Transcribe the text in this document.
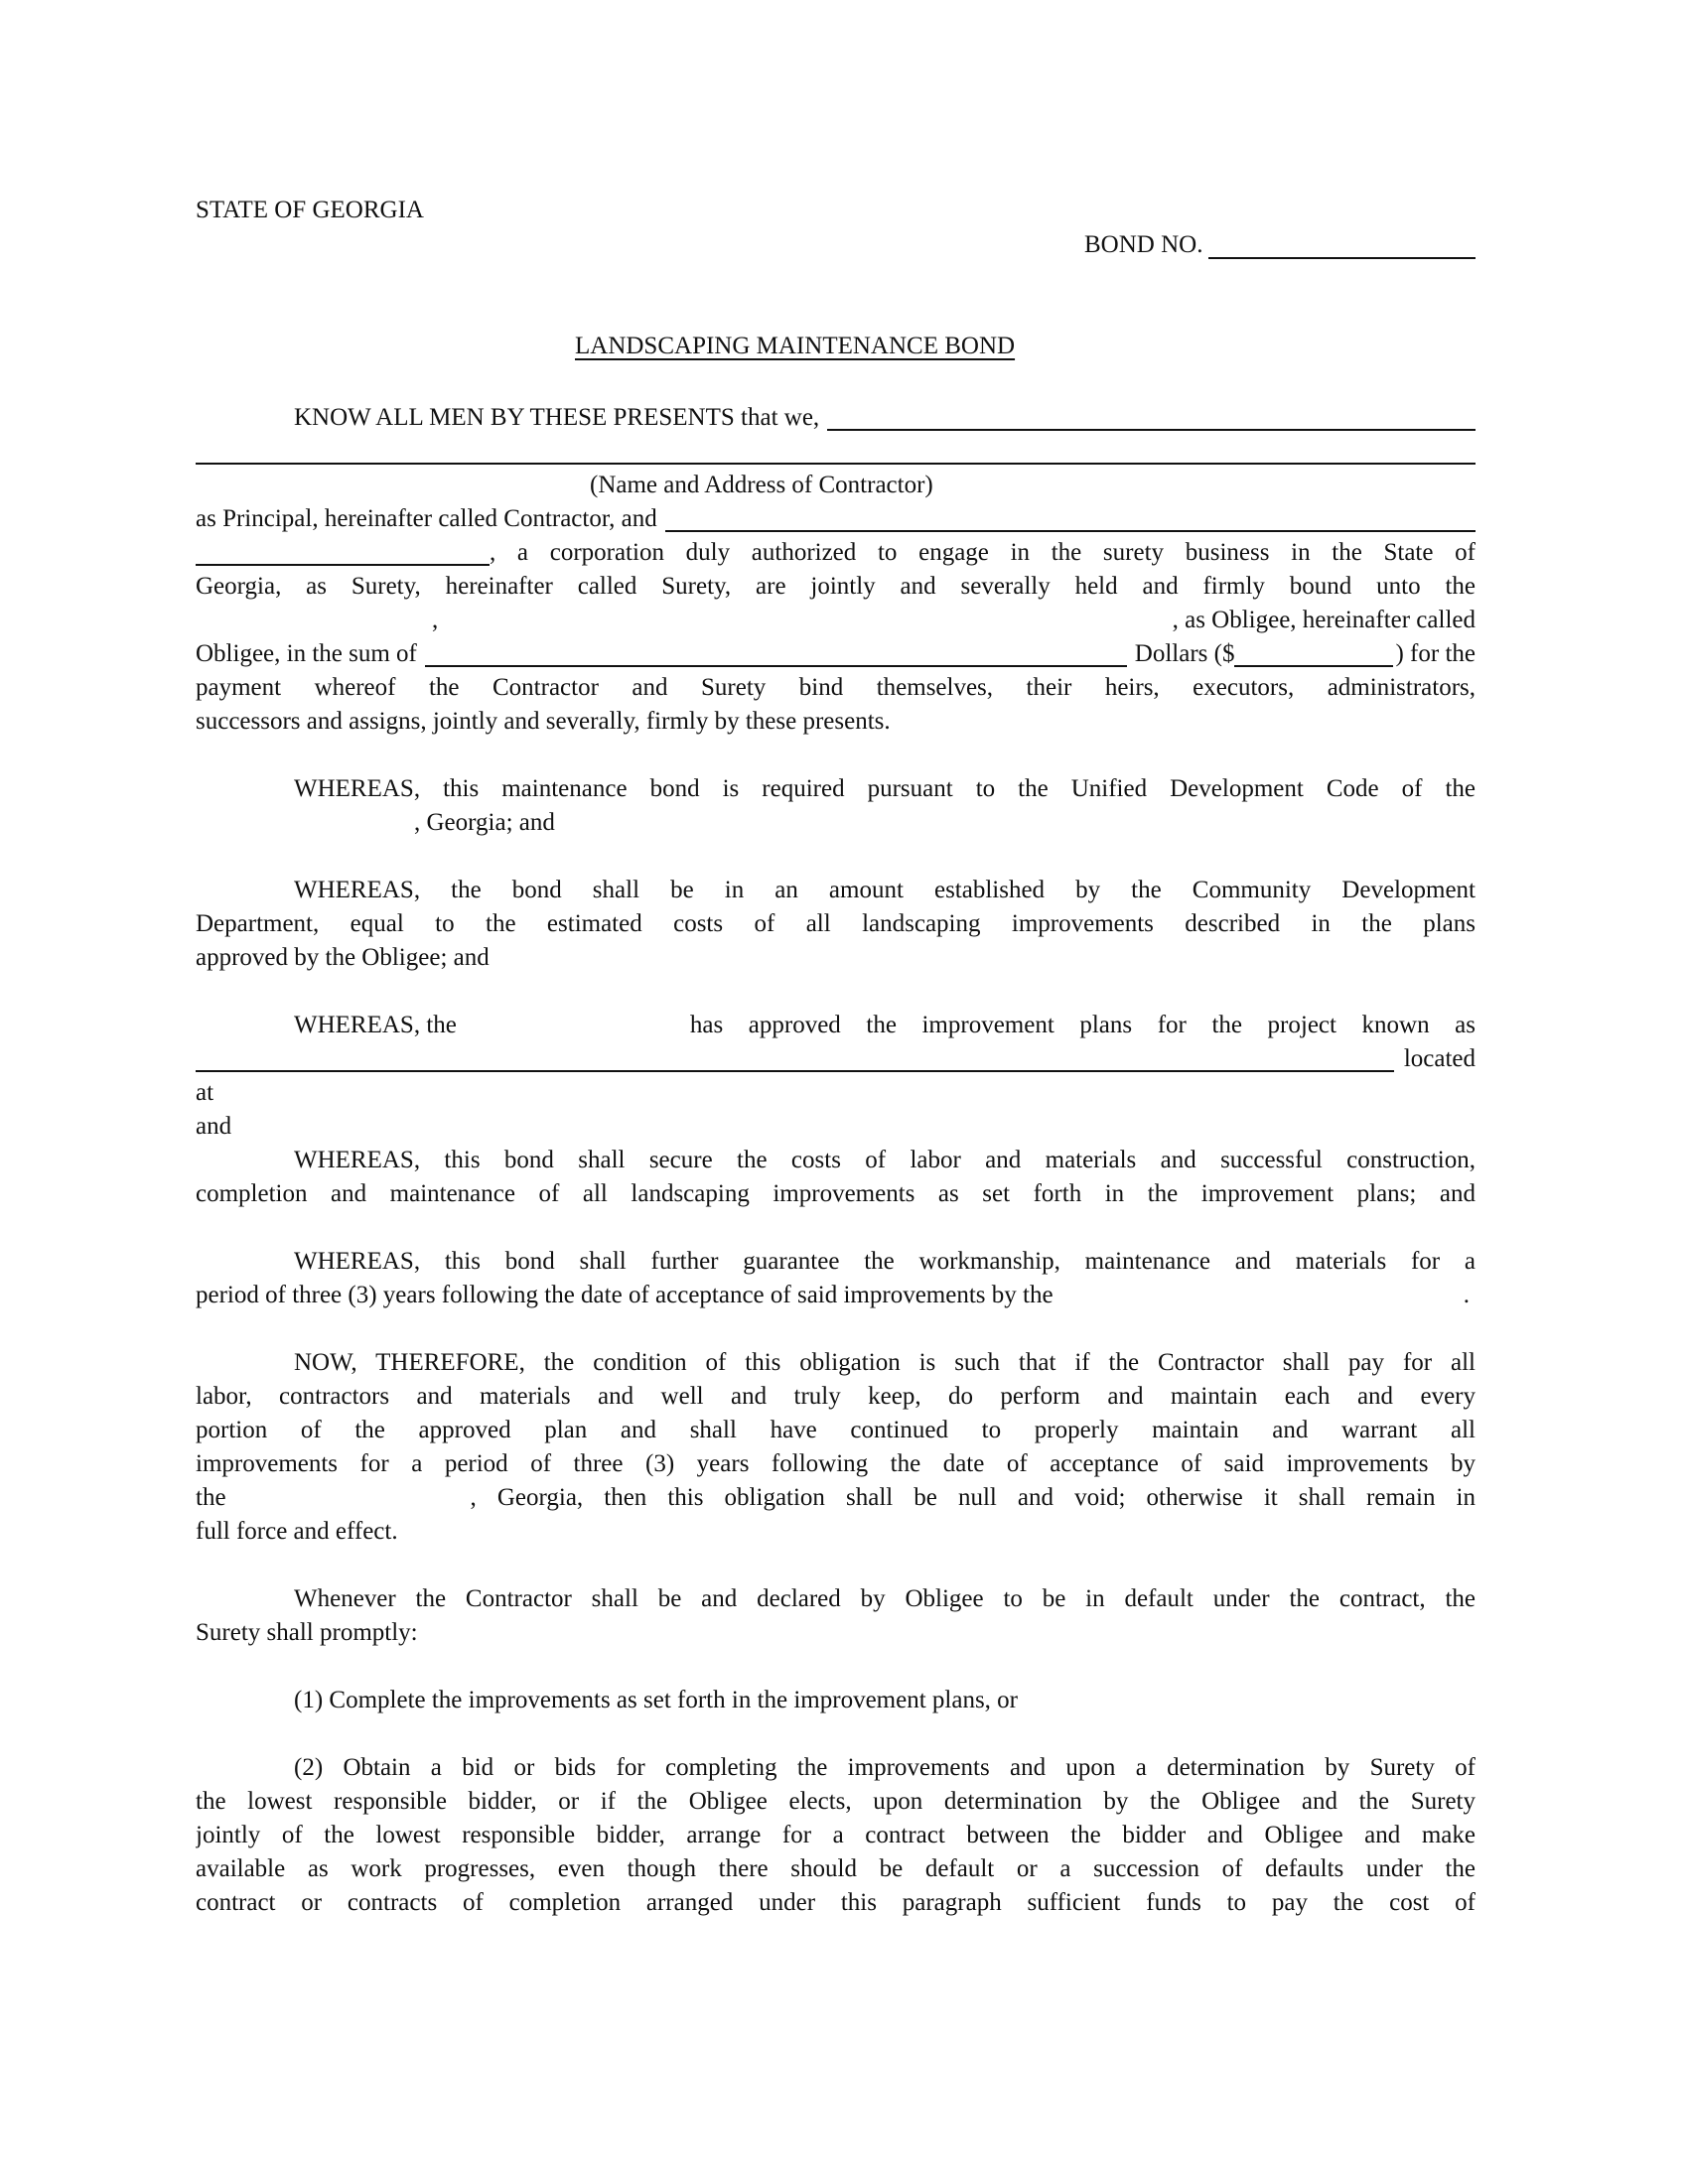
STATE OF GEORGIA
BOND NO.
LANDSCAPING MAINTENANCE BOND
KNOW ALL MEN BY THESE PRESENTS that we,
(Name and Address of Contractor)
as Principal, hereinafter called Contractor, and
, a corporation duly authorized to engage in the surety business in the State of
Georgia, as Surety, hereinafter called Surety, are jointly and severally held and firmly bound unto the
,	, as Obligee, hereinafter called
Obligee, in the sum of	Dollars ($	) for the
payment whereof the Contractor and Surety bind themselves, their heirs, executors, administrators,
successors and assigns, jointly and severally, firmly by these presents.
WHEREAS, this maintenance bond is required pursuant to the Unified Development Code of the
, Georgia; and
WHEREAS, the bond shall be in an amount established by the Community Development
Department, equal to the estimated costs of all landscaping improvements described in the plans
approved by the Obligee; and
WHEREAS, the	has approved the improvement plans for the project known as
located
at
and
WHEREAS, this bond shall secure the costs of labor and materials and successful construction,
completion and maintenance of all landscaping improvements as set forth in the improvement plans; and
WHEREAS, this bond shall further guarantee the workmanship, maintenance and materials for a
period of three (3) years following the date of acceptance of said improvements by the	.
NOW, THEREFORE, the condition of this obligation is such that if the Contractor shall pay for all
labor, contractors and materials and well and truly keep, do perform and maintain each and every
portion of the approved plan and shall have continued to properly maintain and warrant all
improvements for a period of three (3) years following the date of acceptance of said improvements by
the	, Georgia, then this obligation shall be null and void; otherwise it shall remain in
full force and effect.
Whenever the Contractor shall be and declared by Obligee to be in default under the contract, the
Surety shall promptly:
(1) Complete the improvements as set forth in the improvement plans, or
(2) Obtain a bid or bids for completing the improvements and upon a determination by Surety of
the lowest responsible bidder, or if the Obligee elects, upon determination by the Obligee and the Surety
jointly of the lowest responsible bidder, arrange for a contract between the bidder and Obligee and make
available as work progresses, even though there should be default or a succession of defaults under the
contract or contracts of completion arranged under this paragraph sufficient funds to pay the cost of
